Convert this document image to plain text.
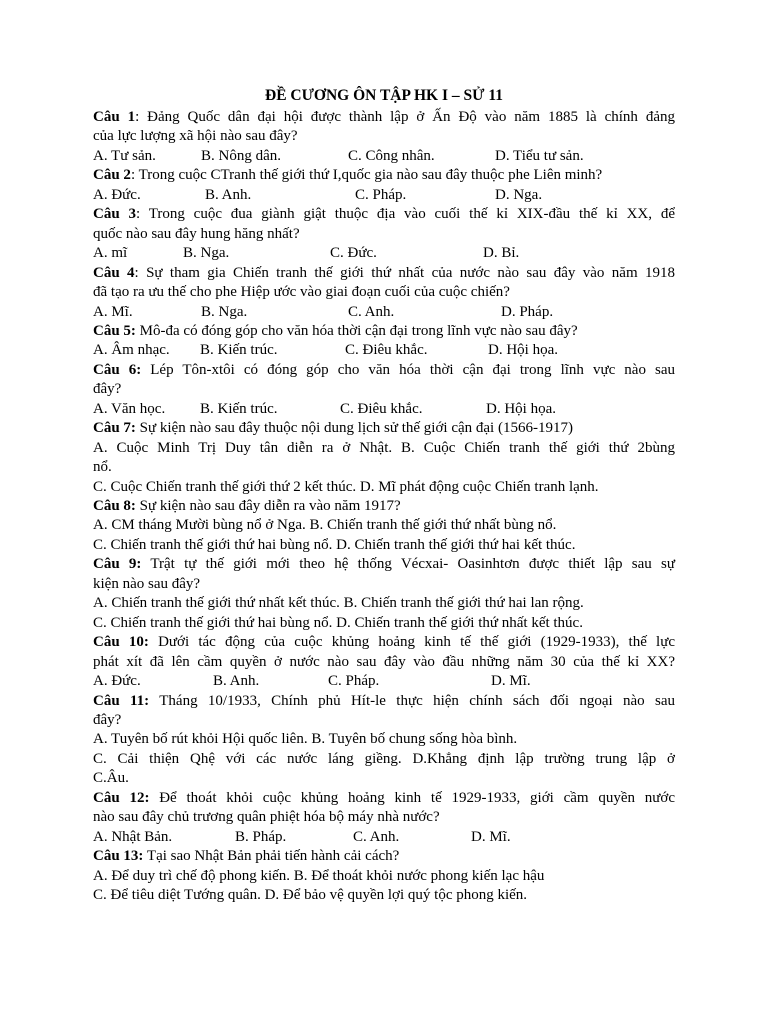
ĐỀ CƯƠNG ÔN TẬP HK I – SỬ 11
Câu 1: Đảng Quốc dân đại hội được thành lập ở Ấn Độ vào năm 1885 là chính đảng
của lực lượng xã hội nào sau đây?
A. Tư sản.	B. Nông dân.	C. Công nhân.	D. Tiểu tư sản.
Câu 2: Trong cuộc CTranh thế giới thứ I,quốc gia nào sau đây thuộc phe Liên minh?
A. Đức.	B. Anh.	C. Pháp.	D. Nga.
Câu 3: Trong cuộc đua giành giật thuộc địa vào cuối thế kỉ XIX-đầu thế kỉ XX, để
quốc nào sau đây hung hăng nhất?
A. mĩ	B. Nga.	C. Đức.	D. Bỉ.
Câu 4: Sự tham gia Chiến tranh thế giới thứ nhất của nước nào sau đây vào năm 1918
đã tạo ra ưu thế cho phe Hiệp ước vào giai đoạn cuối của cuộc chiến?
A. Mĩ.	B. Nga.	C. Anh.	D. Pháp.
Câu 5: Mô-đa có đóng góp cho văn hóa thời cận đại trong lĩnh vực nào sau đây?
A. Âm nhạc. B. Kiến trúc.	C. Điêu khắc.	D. Hội họa.
Câu 6: Lép Tôn-xtôi có đóng góp cho văn hóa thời cận đại trong lĩnh vực nào sau
đây?
A. Văn học. B. Kiến trúc.	C. Điêu khắc.	D. Hội họa.
Câu 7: Sự kiện nào sau đây thuộc nội dung lịch sử thế giới cận đại (1566-1917)
A. Cuộc Minh Trị Duy tân diễn ra ở Nhật. B. Cuộc Chiến tranh thế giới thứ 2bùng
nổ.
C. Cuộc Chiến tranh thế giới thứ 2 kết thúc. D. Mĩ phát động cuộc Chiến tranh lạnh.
Câu 8: Sự kiện nào sau đây diễn ra vào năm 1917?
A. CM tháng Mười bùng nổ ở Nga. B. Chiến tranh thế giới thứ nhất bùng nổ.
C. Chiến tranh thế giới thứ hai bùng nổ. D. Chiến tranh thế giới thứ hai kết thúc.
Câu 9: Trật tự thế giới mới theo hệ thống Vécxai- Oasinhtơn được thiết lập sau sự
kiện nào sau đây?
A. Chiến tranh thế giới thứ nhất kết thúc. B. Chiến tranh thế giới thứ hai lan rộng.
C. Chiến tranh thế giới thứ hai bùng nổ. D. Chiến tranh thế giới thứ nhất kết thúc.
Câu 10: Dưới tác động của cuộc khủng hoảng kinh tế thế giới (1929-1933), thế lực
phát xít đã lên cầm quyền ở nước nào sau đây vào đầu những năm 30 của thế kỉ XX?
A. Đức.	B. Anh.	C. Pháp.	D. Mĩ.
Câu 11: Tháng 10/1933, Chính phủ Hít-le thực hiện chính sách đối ngoại nào sau
đây?
A. Tuyên bố rút khỏi Hội quốc liên. B. Tuyên bố chung sống hòa bình.
C. Cải thiện Qhệ với các nước láng giềng. D.Khẳng định lập trường trung lập ở
C.Âu.
Câu 12: Để thoát khỏi cuộc khủng hoảng kinh tế 1929-1933, giới cầm quyền nước
nào sau đây chủ trương quân phiệt hóa bộ máy nhà nước?
A. Nhật Bản.	B. Pháp.	C. Anh.	D. Mĩ.
Câu 13: Tại sao Nhật Bản phải tiến hành cải cách?
A. Để duy trì chế độ phong kiến. B. Để thoát khỏi nước phong kiến lạc hậu
C. Để tiêu diệt Tướng quân. D. Để bảo vệ quyền lợi quý tộc phong kiến.
